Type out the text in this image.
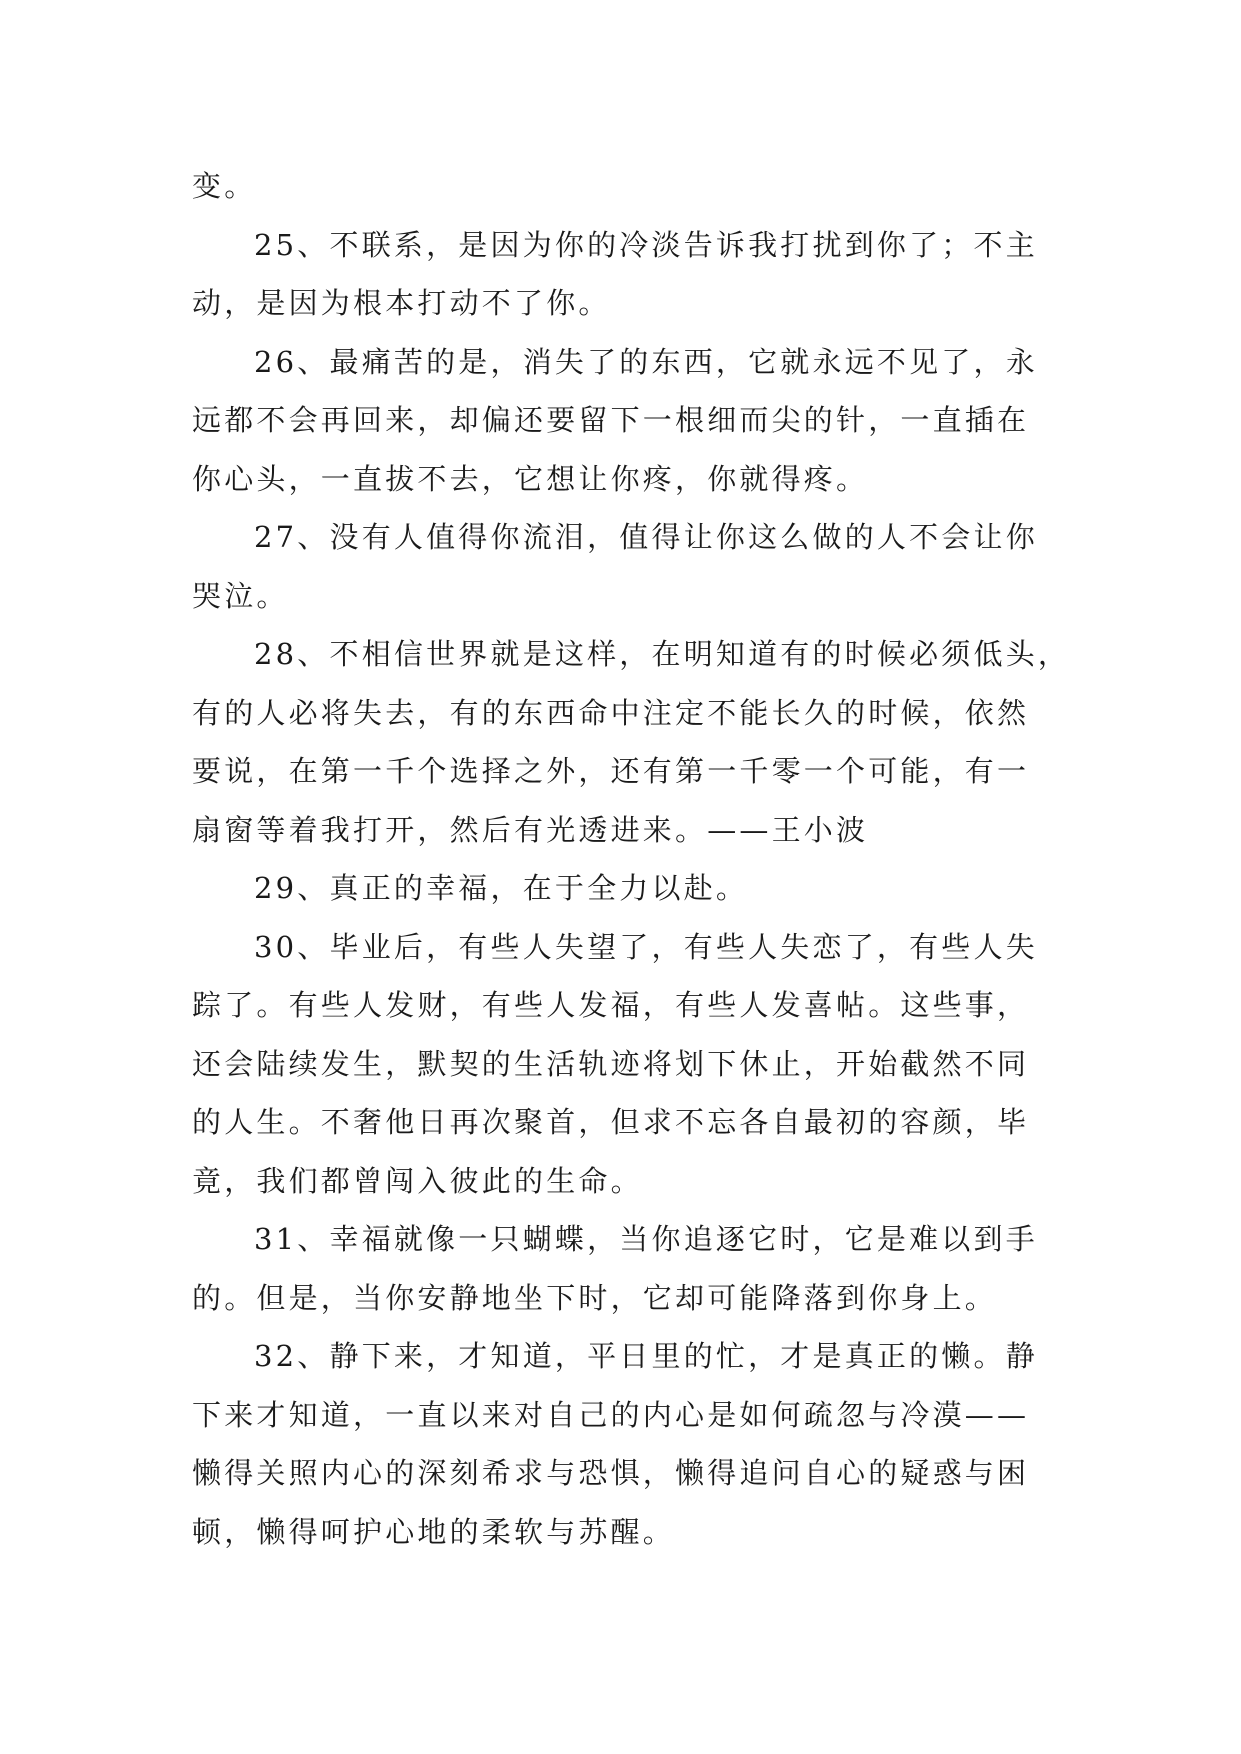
变。

25、不联系，是因为你的冷淡告诉我打扰到你了；不主
动，是因为根本打动不了你。

26、最痛苦的是，消失了的东西，它就永远不见了，永
远都不会再回来，却偏还要留下一根细而尖的针，一直插在
你心头，一直拔不去，它想让你疼，你就得疼。

27、没有人值得你流泪，值得让你这么做的人不会让你
哭泣。

28、不相信世界就是这样，在明知道有的时候必须低头，
有的人必将失去，有的东西命中注定不能长久的时候，依然
要说，在第一千个选择之外，还有第一千零一个可能，有一
扇窗等着我打开，然后有光透进来。——王小波

29、真正的幸福，在于全力以赴。

30、毕业后，有些人失望了，有些人失恋了，有些人失
踪了。有些人发财，有些人发福，有些人发喜帖。这些事，
还会陆续发生，默契的生活轨迹将划下休止，开始截然不同
的人生。不奢他日再次聚首，但求不忘各自最初的容颜，毕
竟，我们都曾闯入彼此的生命。

31、幸福就像一只蝴蝶，当你追逐它时，它是难以到手
的。但是，当你安静地坐下时，它却可能降落到你身上。

32、静下来，才知道，平日里的忙，才是真正的懒。静
下来才知道，一直以来对自己的内心是如何疏忽与冷漠——
懒得关照内心的深刻希求与恐惧，懒得追问自心的疑惑与困
顿，懒得呵护心地的柔软与苏醒。
